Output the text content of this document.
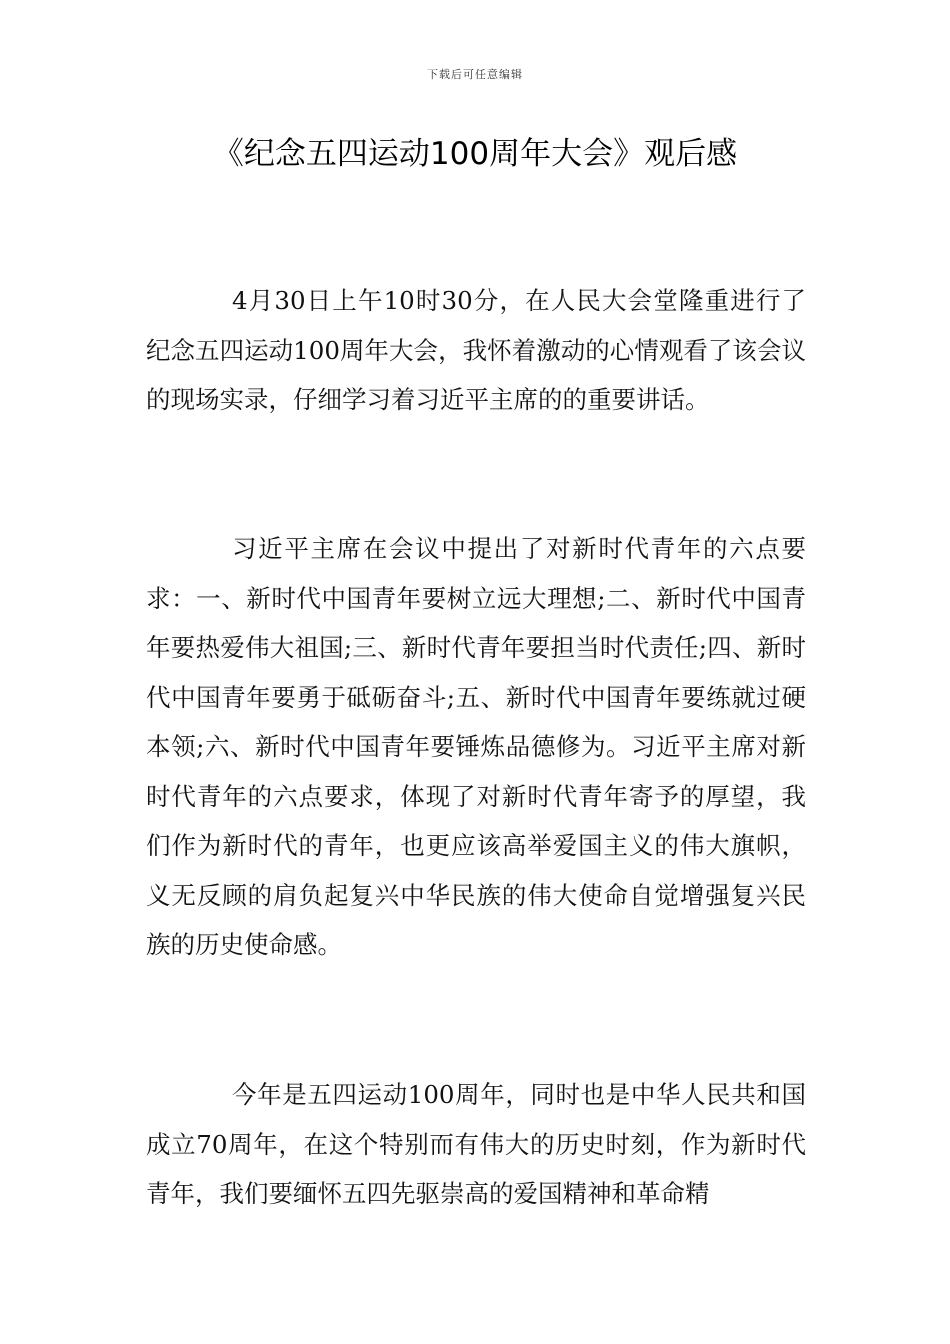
下载后可任意编辑
《纪念五四运动100周年大会》观后感

4月30日上午10时30分，在人民大会堂隆重进行了纪念五四运动100周年大会，我怀着激动的心情观看了该会议的现场实录，仔细学习着习近平主席的的重要讲话。

习近平主席在会议中提出了对新时代青年的六点要求：一、新时代中国青年要树立远大理想;二、新时代中国青年要热爱伟大祖国;三、新时代青年要担当时代责任;四、新时代中国青年要勇于砥砺奋斗;五、新时代中国青年要练就过硬本领;六、新时代中国青年要锤炼品德修为。习近平主席对新时代青年的六点要求，体现了对新时代青年寄予的厚望，我们作为新时代的青年，也更应该高举爱国主义的伟大旗帜，义无反顾的肩负起复兴中华民族的伟大使命自觉增强复兴民族的历史使命感。

今年是五四运动100周年，同时也是中华人民共和国成立70周年，在这个特别而有伟大的历史时刻，作为新时代青年，我们要缅怀五四先驱崇高的爱国精神和革命精
